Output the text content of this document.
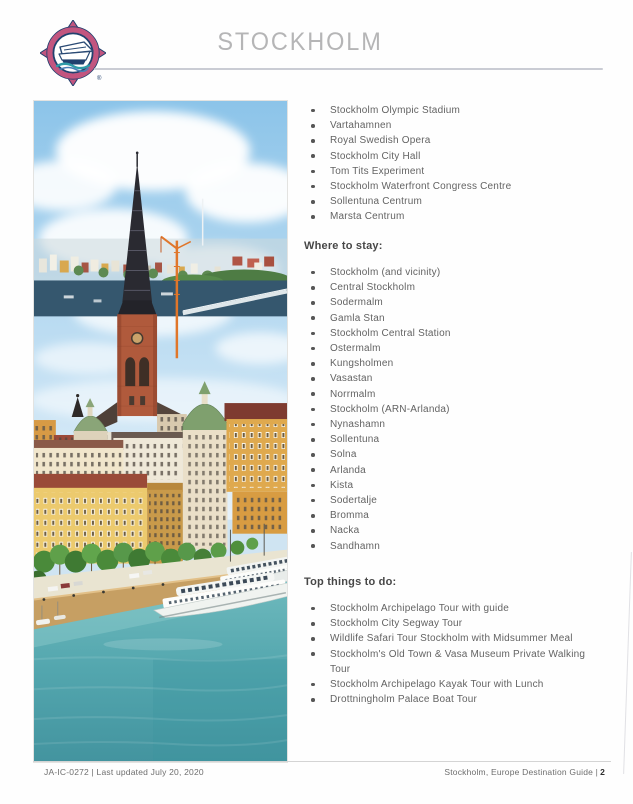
®
STOCKHOLM
Stockholm Olympic Stadium
Vartahamnen
Royal Swedish Opera
Stockholm City Hall
Tom Tits Experiment
Stockholm Waterfront Congress Centre
Sollentuna Centrum
Marsta Centrum
Where to stay:
Stockholm (and vicinity)
Central Stockholm
Sodermalm
Gamla Stan
Stockholm Central Station
Ostermalm
Kungsholmen
Vasastan
Norrmalm
Stockholm (ARN-Arlanda)
Nynashamn
Sollentuna
Solna
Arlanda
Kista
Sodertalje
Bromma
Nacka
Sandhamn
Top things to do:
Stockholm Archipelago Tour with guide
Stockholm City Segway Tour
Wildlife Safari Tour Stockholm with Midsummer Meal
Stockholm's Old Town & Vasa Museum Private Walking Tour
Stockholm Archipelago Kayak Tour with Lunch
Drottningholm Palace Boat Tour
JA-IC-0272 | Last updated July 20, 2020	Stockholm, Europe Destination Guide | 2
